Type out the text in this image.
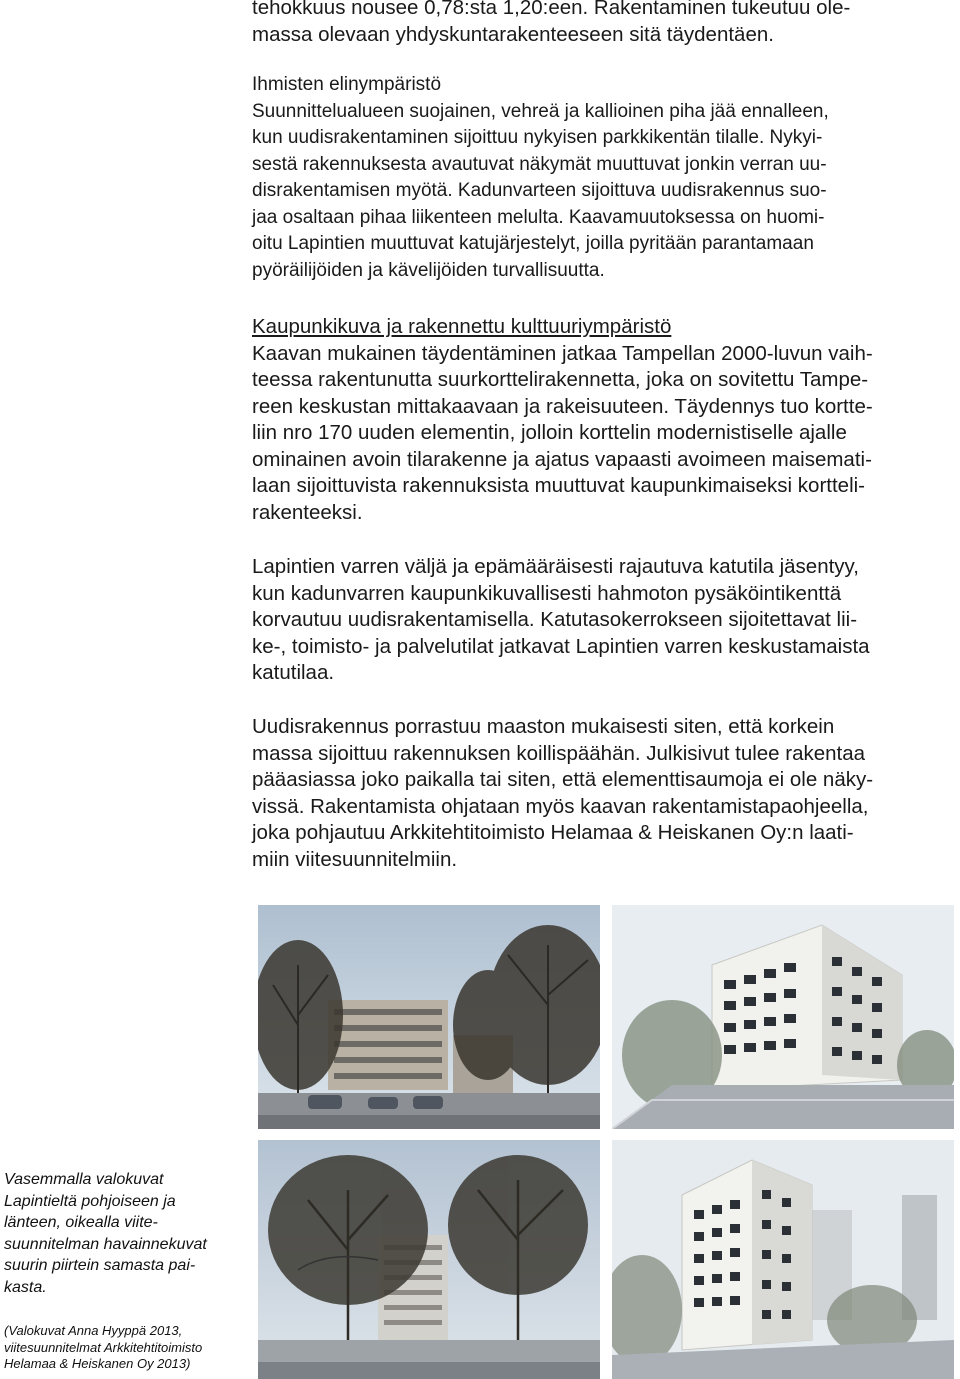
tehokkuus nousee 0,78:sta 1,20:een. Rakentaminen tukeutuu ole-
massa olevaan yhdyskuntarakenteeseen sitä täydentäen.
Ihmisten elinympäristö
Suunnittelualueen suojainen, vehreä ja kallioinen piha jää ennalleen,
kun uudisrakentaminen sijoittuu nykyisen parkkikentän tilalle. Nykyi-
sestä rakennuksesta avautuvat näkymät muuttuvat jonkin verran uu-
disrakentamisen myötä. Kadunvarteen sijoittuva uudisrakennus suo-
jaa osaltaan pihaa liikenteen melulta. Kaavamuutoksessa on huomi-
oitu Lapintien muuttuvat katujärjestelyt, joilla pyritään parantamaan
pyöräilijöiden ja kävelijöiden turvallisuutta.
Kaupunkikuva ja rakennettu kulttuuriympäristö
Kaavan mukainen täydentäminen jatkaa Tampellan 2000-luvun vaih-
teessa rakentunutta suurkorttelirakennetta, joka on sovitettu Tampe-
reen keskustan mittakaavaan ja rakeisuuteen. Täydennys tuo kortte-
liin nro 170 uuden elementin, jolloin korttelin modernistiselle ajalle
ominainen avoin tilarakenne ja ajatus vapaasti avoimeen maisemati-
laan sijoittuvista rakennuksista muuttuvat kaupunkimaiseksi kortteli-
rakenteeksi.
Lapintien varren väljä ja epämääräisesti rajautuva katutila jäsentyy,
kun kadunvarren kaupunkikuvallisesti hahmoton pysäköintikenttä
korvautuu uudisrakentamisella. Katutasokerrokseen sijoitettavat lii-
ke-, toimisto- ja palvelutilat jatkavat Lapintien varren keskustamaista
katutilaa.
Uudisrakennus porrastuu maaston mukaisesti siten, että korkein
massa sijoittuu rakennuksen koillispäähän. Julkisivut tulee rakentaa
pääasiassa joko paikalla tai siten, että elementtisaumoja ei ole näky-
vissä. Rakentamista ohjataan myös kaavan rakentamistapaohjeella,
joka pohjautuu Arkkitehtitoimisto Helamaa & Heiskanen Oy:n laati-
miin viitesuunnitelmiin.
Vasemmalla valokuvat
Lapintieltä pohjoiseen ja
länteen, oikealla viite-
suunnitelman havainnekuvat
suurin piirtein samasta pai-
kasta.
(Valokuvat Anna Hyyppä 2013,
viitesuunnitelmat Arkkitehtitoimisto
Helamaa & Heiskanen Oy 2013)
